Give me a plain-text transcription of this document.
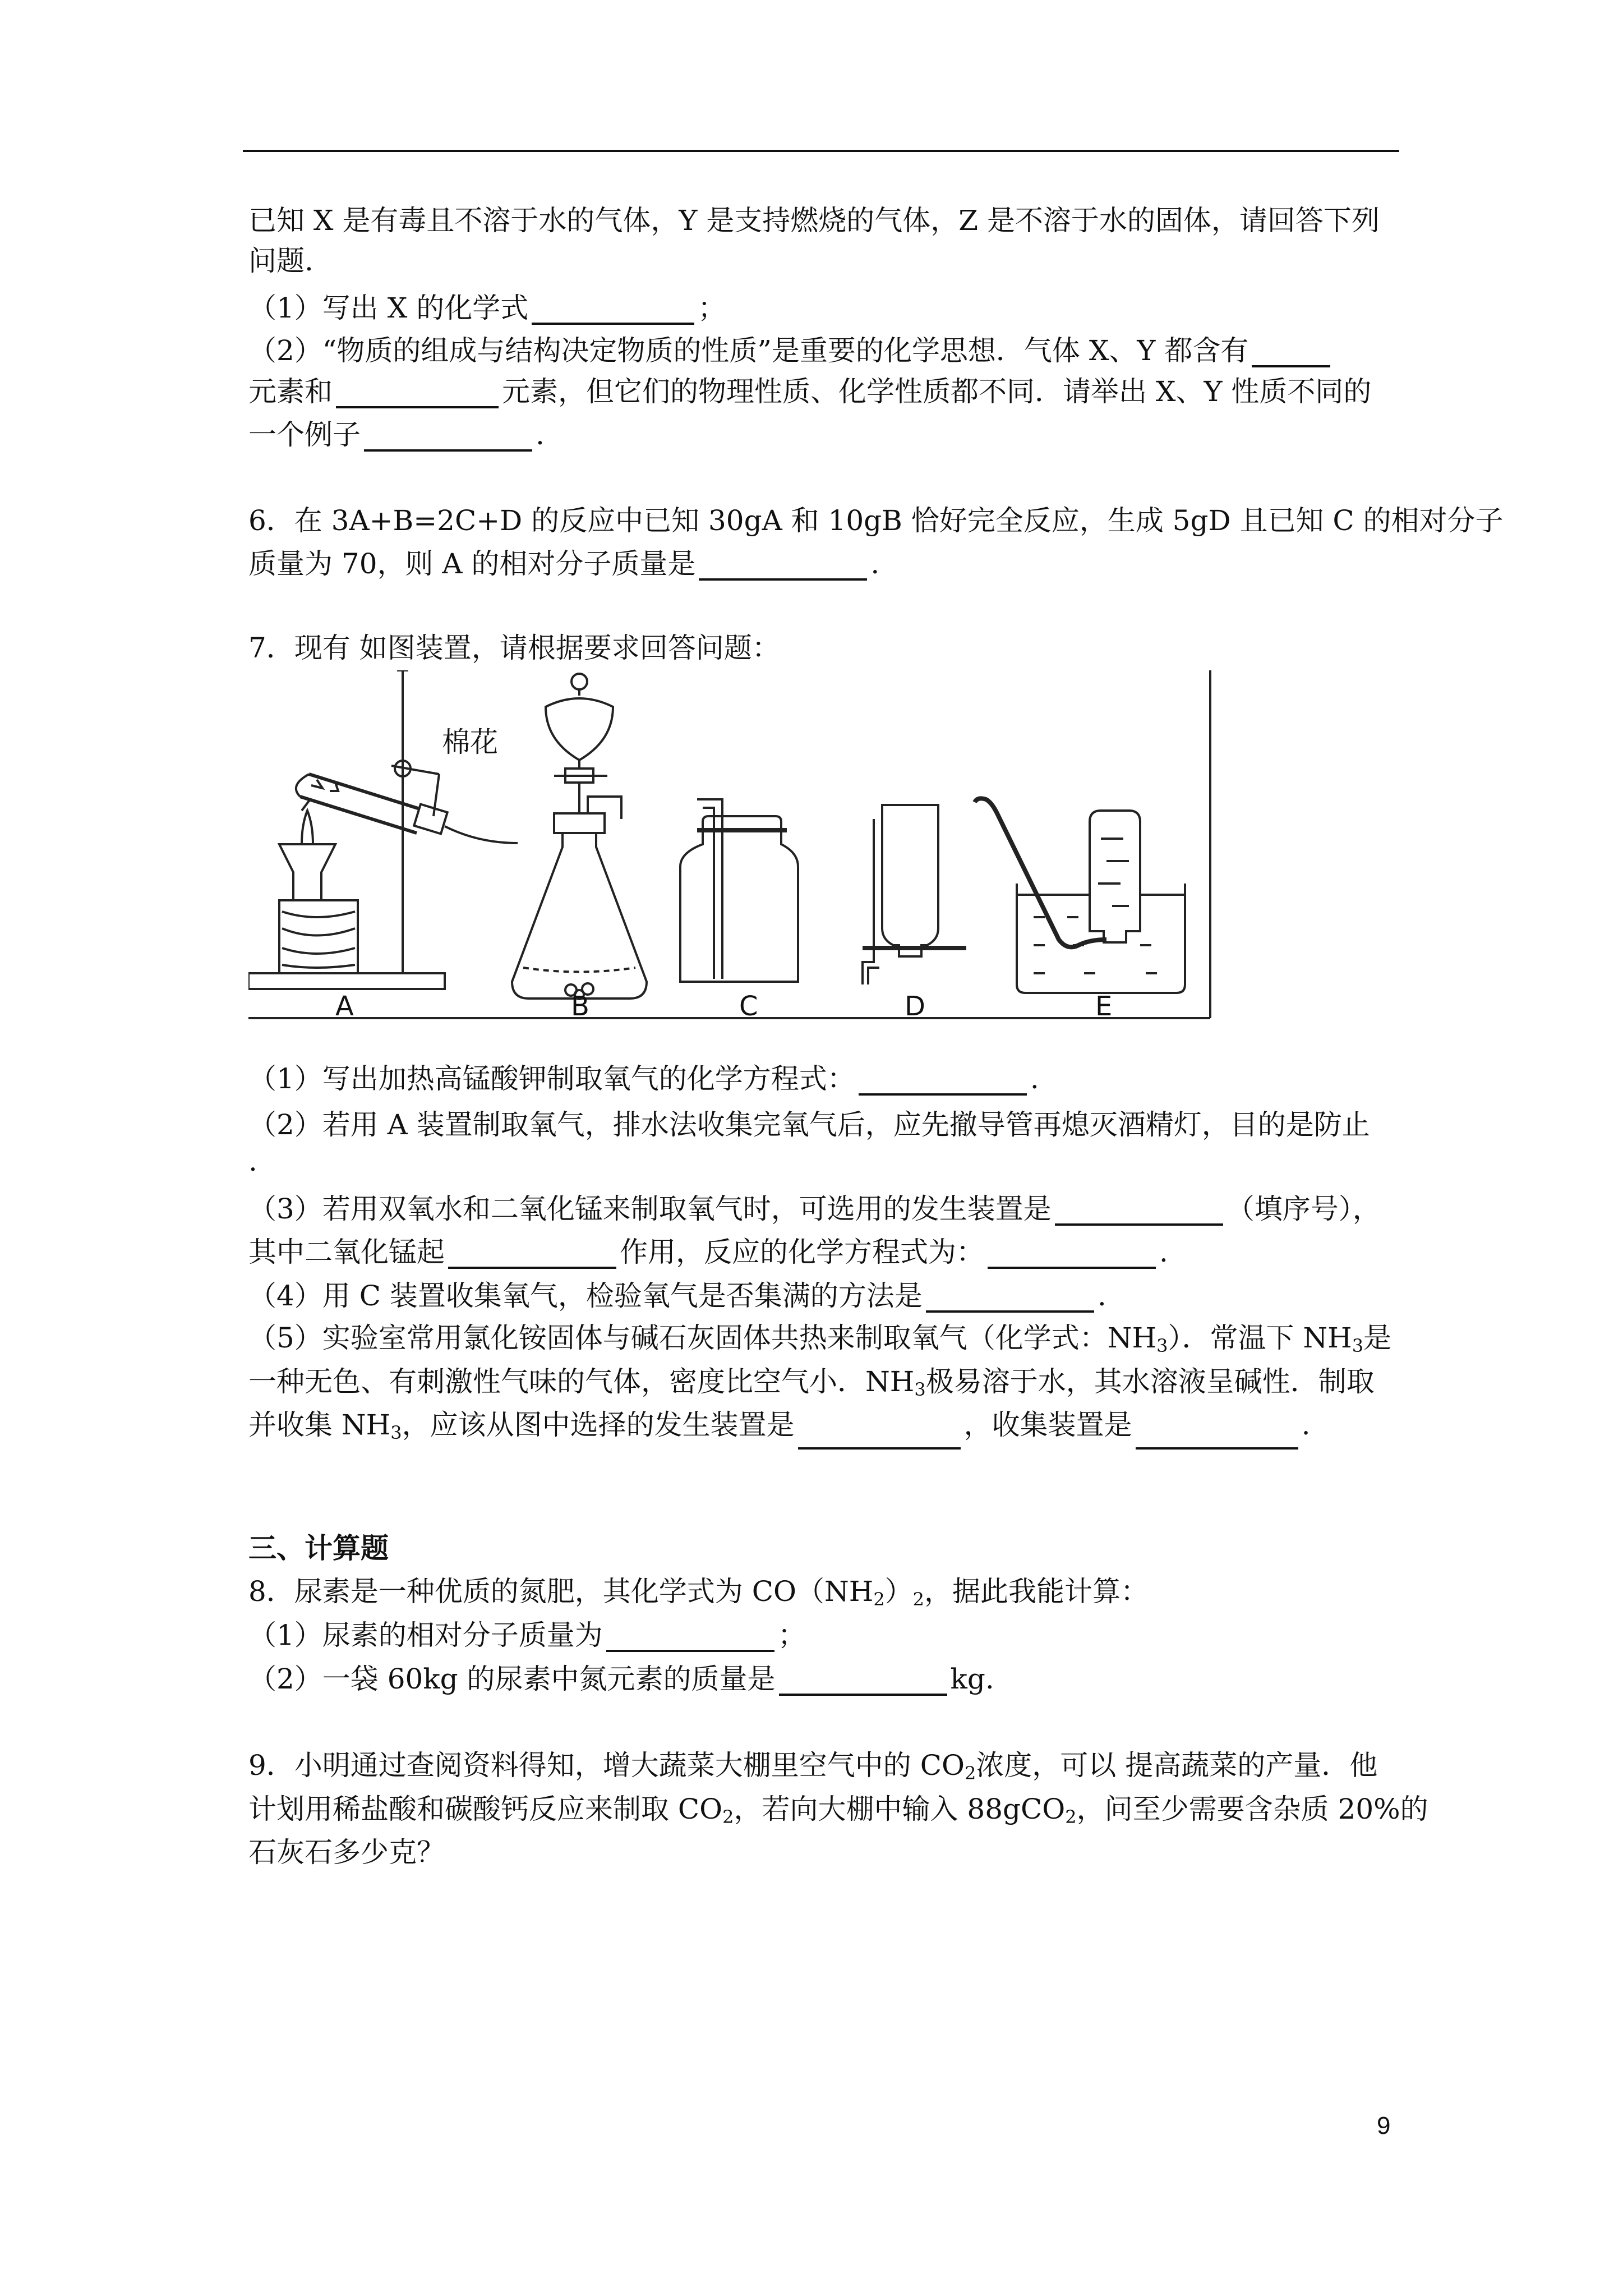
已知 X 是有毒且不溶于水的气体，Y 是支持燃烧的气体，Z 是不溶于水的固体，请回答下列
问题.
（1）写出 X 的化学式	；
（2）“物质的组成与结构决定物质的性质”是重要的化学思想．气体 X、Y 都含有
元素和	元素，但它们的物理性质、化学性质都不同．请举出 X、Y 性质不同的
一个例子	.
6．在 3A+B=2C+D 的反应中已知 30gA 和 10gB 恰好完全反应，生成 5gD 且已知 C 的相对分子
质量为 70，则 A 的相对分子质量是	.
7．现有 如图装置，请根据要求回答问题：
棉花
A	B	C	D	E
（1）写出加热高锰酸钾制取氧气的化学方程式：	.
（2）若用 A 装置制取氧气，排水法收集完氧气后，应先撤导管再熄灭酒精灯，目的是防止
.
（3）若用双氧水和二氧化锰来制取氧气时，可选用的发生装置是	（填序号），
其中二氧化锰起	作用，反应的化学方程式为：	.
（4）用 C 装置收集氧气，检验氧气是否集满的方法是	.
（5）实验室常用氯化铵固体与碱石灰固体共热来制取氧气（化学式：$NH_3$）．常温下 $NH_3$是
一种无色、有刺激性气味的气体，密度比空气小．$NH_3$极易溶于水，其水溶液呈碱性．制取
并收集 $NH_3$，应该从图中选择的发生装置是	，收集装置是	.
三、计算题
8．尿素是一种优质的氮肥，其化学式为 $CO(NH_2)_2$，据此我能计算：
（1）尿素的相对分子质量为	；
（2）一袋 60kg 的尿素中氮元素的质量是	kg.
9．小明通过查阅资料得知，增大蔬菜大棚里空气中的 $CO_2$浓度，可以 提高蔬菜的产量．他
计划用稀盐酸和碳酸钙反应来制取 $CO_2$，若向大棚中输入 88gCO$_2$，问至少需要含杂质 20%的
石灰石多少克？
9
